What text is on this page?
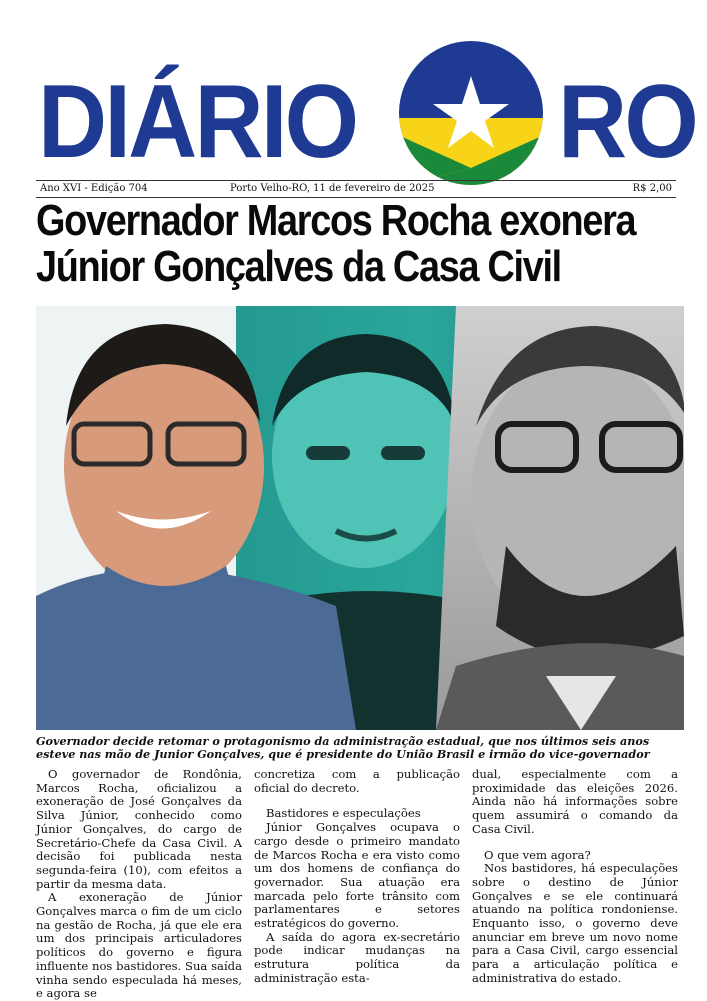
DIÁRIO RO
Ano XVI - Edição 704	Porto Velho-RO, 11 de fevereiro de 2025	R$ 2,00
Governador Marcos Rocha exonera
Júnior Gonçalves da Casa Civil
Governador decide retomar o protagonismo da administração estadual, que nos últimos seis anos esteve nas mão de Junior Gonçalves, que é presidente do União Brasil e irmão do vice-governador

O governador de Rondônia, Marcos Rocha, oficializou a exoneração de José Gonçalves da Silva Júnior, conhecido como Júnior Gonçalves, do cargo de Secretário-Chefe da Casa Civil. A decisão foi publicada nesta segunda-feira (10), com efeitos a partir da mesma data.

A exoneração de Júnior Gonçalves marca o fim de um ciclo na gestão de Rocha, já que ele era um dos principais articuladores políticos do governo e figura influente nos bastidores. Sua saída vinha sendo especulada há meses, e agora se

concretiza com a publicação oficial do decreto.

Bastidores e especulações

Júnior Gonçalves ocupava o cargo desde o primeiro mandato de Marcos Rocha e era visto como um dos homens de confiança do governador. Sua atuação era marcada pelo forte trânsito com parlamentares e setores estratégicos do governo.

A saída do agora ex-secretário pode indicar mudanças na estrutura política da administração esta-

dual, especialmente com a proximidade das eleições 2026. Ainda não há informações sobre quem assumirá o comando da Casa Civil.

O que vem agora?

Nos bastidores, há especulações sobre o destino de Júnior Gonçalves e se ele continuará atuando na política rondoniense. Enquanto isso, o governo deve anunciar em breve um novo nome para a Casa Civil, cargo essencial para a articulação política e administrativa do estado.
